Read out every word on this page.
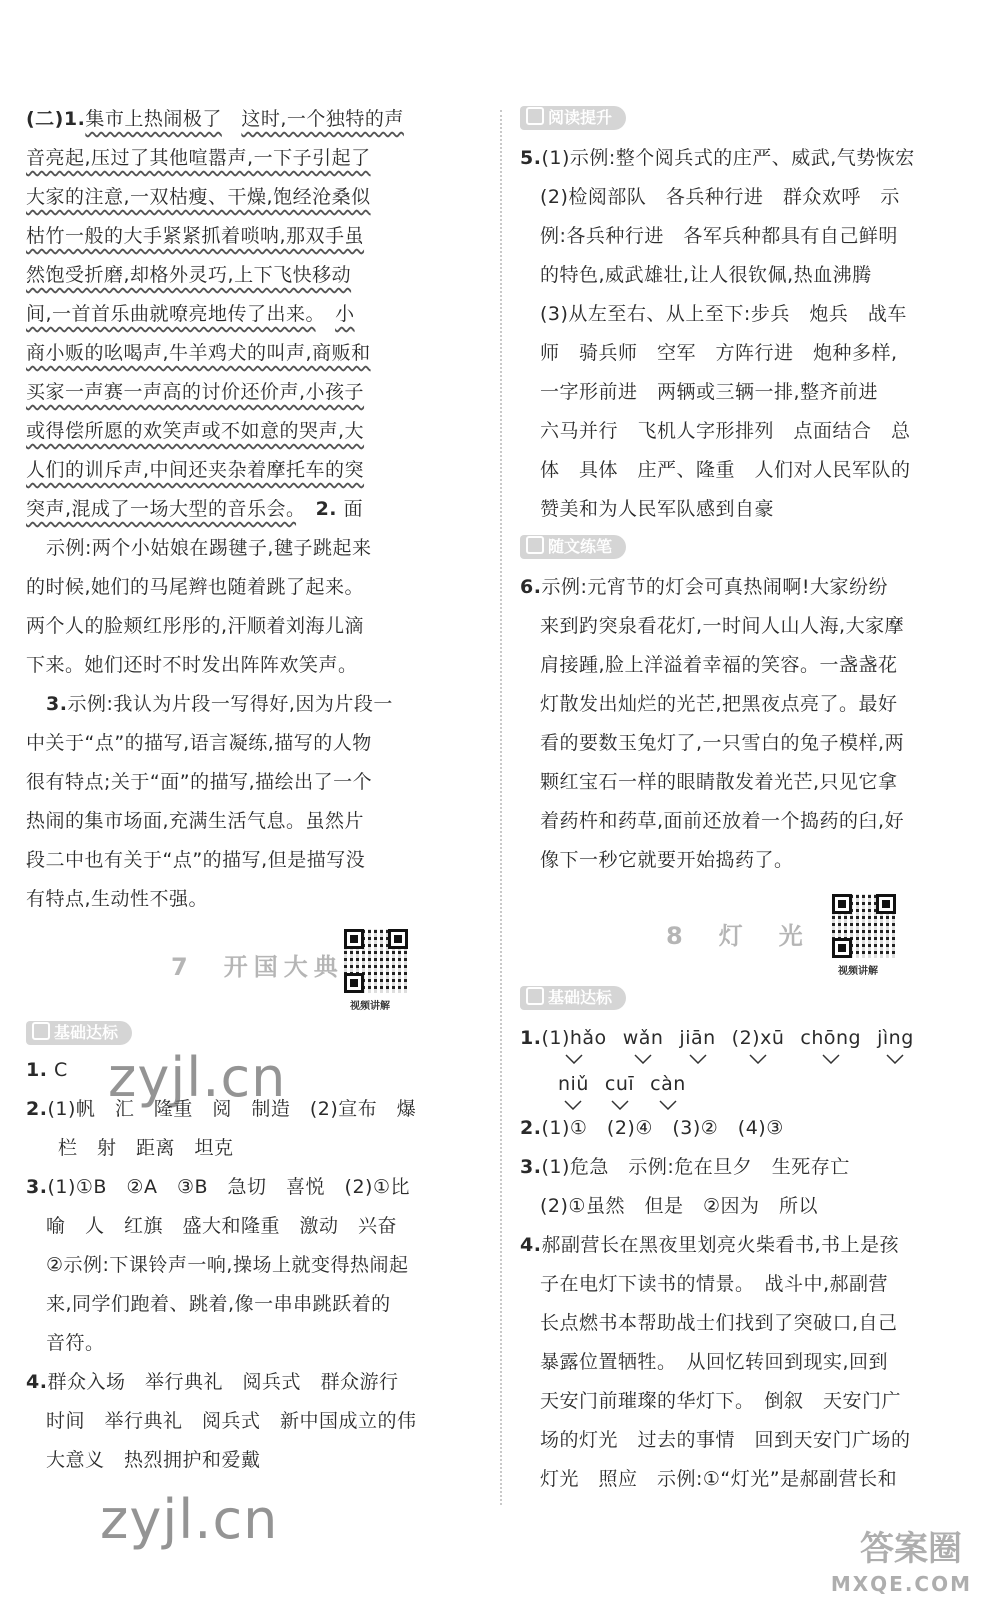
(二)1.集市上热闹极了　 这时,一个独特的声
音亮起,压过了其他喧嚣声,一下子引起了
大家的注意,一双枯瘦、干燥,饱经沧桑似
枯竹一般的大手紧紧抓着唢呐,那双手虽
然饱受折磨,却格外灵巧,上下飞快移动
间,一首首乐曲就嘹亮地传了出来。　 小
商小贩的吆喝声,牛羊鸡犬的叫声,商贩和
买家一声赛一声高的讨价还价声,小孩子
或得偿所愿的欢笑声或不如意的哭声,大
人们的训斥声,中间还夹杂着摩托车的突
突声,混成了一场大型的音乐会。　 2. 面
示例:两个小姑娘在踢毽子,毽子跳起来
的时候,她们的马尾辫也随着跳了起来。
两个人的脸颊红彤彤的,汗顺着刘海儿滴
下来。她们还时不时发出阵阵欢笑声。
3.示例:我认为片段一写得好,因为片段一
中关于“点”的描写,语言凝练,描写的人物
很有特点;关于“面”的描写,描绘出了一个
热闹的集市场面,充满生活气息。虽然片
段二中也有关于“点”的描写,但是描写没
有特点,生动性不强。
7　 开国大典
视频讲解
基础达标
1. C
2.(1)帆　汇　隆重　阅　制造　(2)宣布　爆
栏　射　距离　坦克
3.(1)①B　②A　③B　急切　喜悦　(2)①比
喻　人　红旗　盛大和隆重　激动　兴奋
②示例:下课铃声一响,操场上就变得热闹起
来,同学们跑着、跳着,像一串串跳跃着的
音符。
4.群众入场　举行典礼　阅兵式　群众游行
时间　举行典礼　阅兵式　新中国成立的伟
大意义　热烈拥护和爱戴
阅读提升
5.(1)示例:整个阅兵式的庄严、威武,气势恢宏
(2)检阅部队　各兵种行进　群众欢呼　示
例:各兵种行进　各军兵种都具有自己鲜明
的特色,威武雄壮,让人很钦佩,热血沸腾
(3)从左至右、从上至下:步兵　炮兵　战车
师　骑兵师　空军　方阵行进　炮种多样,
一字形前进　两辆或三辆一排,整齐前进
六马并行　飞机人字形排列　点面结合　总
体　具体　庄严、隆重　人们对人民军队的
赞美和为人民军队感到自豪
随文练笔
6.示例:元宵节的灯会可真热闹啊!大家纷纷
来到趵突泉看花灯,一时间人山人海,大家摩
肩接踵,脸上洋溢着幸福的笑容。一盏盏花
灯散发出灿烂的光芒,把黑夜点亮了。最好
看的要数玉兔灯了,一只雪白的兔子模样,两
颗红宝石一样的眼睛散发着光芒,只见它拿
着药杵和药草,面前还放着一个捣药的臼,好
像下一秒它就要开始捣药了。
8　 灯　光
视频讲解
基础达标
1.(1)hǎo wǎn jiān (2)xū chōng jìng
niǔ cuī càn
2.(1)①　(2)④　(3)②　(4)③
3.(1)危急　示例:危在旦夕　生死存亡
(2)①虽然　但是　②因为　所以
4.郝副营长在黑夜里划亮火柴看书,书上是孩
子在电灯下读书的情景。　战斗中,郝副营
长点燃书本帮助战士们找到了突破口,自己
暴露位置牺牲。　从回忆转回到现实,回到
天安门前璀璨的华灯下。　倒叙　天安门广
场的灯光　过去的事情　回到天安门广场的
灯光　照应　示例:①“灯光”是郝副营长和
zyjl.cn
zyjl.cn	答案圈
MXQE.COM
